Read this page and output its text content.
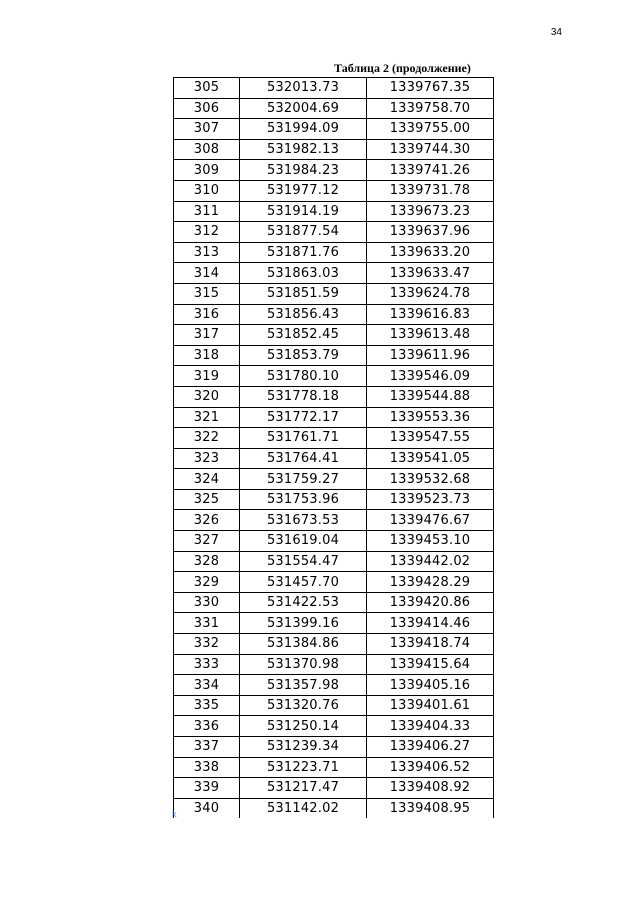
34
Таблица 2 (продолжение)
305	532013.73	1339767.35
306	532004.69	1339758.70
307	531994.09	1339755.00
308	531982.13	1339744.30
309	531984.23	1339741.26
310	531977.12	1339731.78
311	531914.19	1339673.23
312	531877.54	1339637.96
313	531871.76	1339633.20
314	531863.03	1339633.47
315	531851.59	1339624.78
316	531856.43	1339616.83
317	531852.45	1339613.48
318	531853.79	1339611.96
319	531780.10	1339546.09
320	531778.18	1339544.88
321	531772.17	1339553.36
322	531761.71	1339547.55
323	531764.41	1339541.05
324	531759.27	1339532.68
325	531753.96	1339523.73
326	531673.53	1339476.67
327	531619.04	1339453.10
328	531554.47	1339442.02
329	531457.70	1339428.29
330	531422.53	1339420.86
331	531399.16	1339414.46
332	531384.86	1339418.74
333	531370.98	1339415.64
334	531357.98	1339405.16
335	531320.76	1339401.61
336	531250.14	1339404.33
337	531239.34	1339406.27
338	531223.71	1339406.52
339	531217.47	1339408.92
340	531142.02	1339408.95
k
